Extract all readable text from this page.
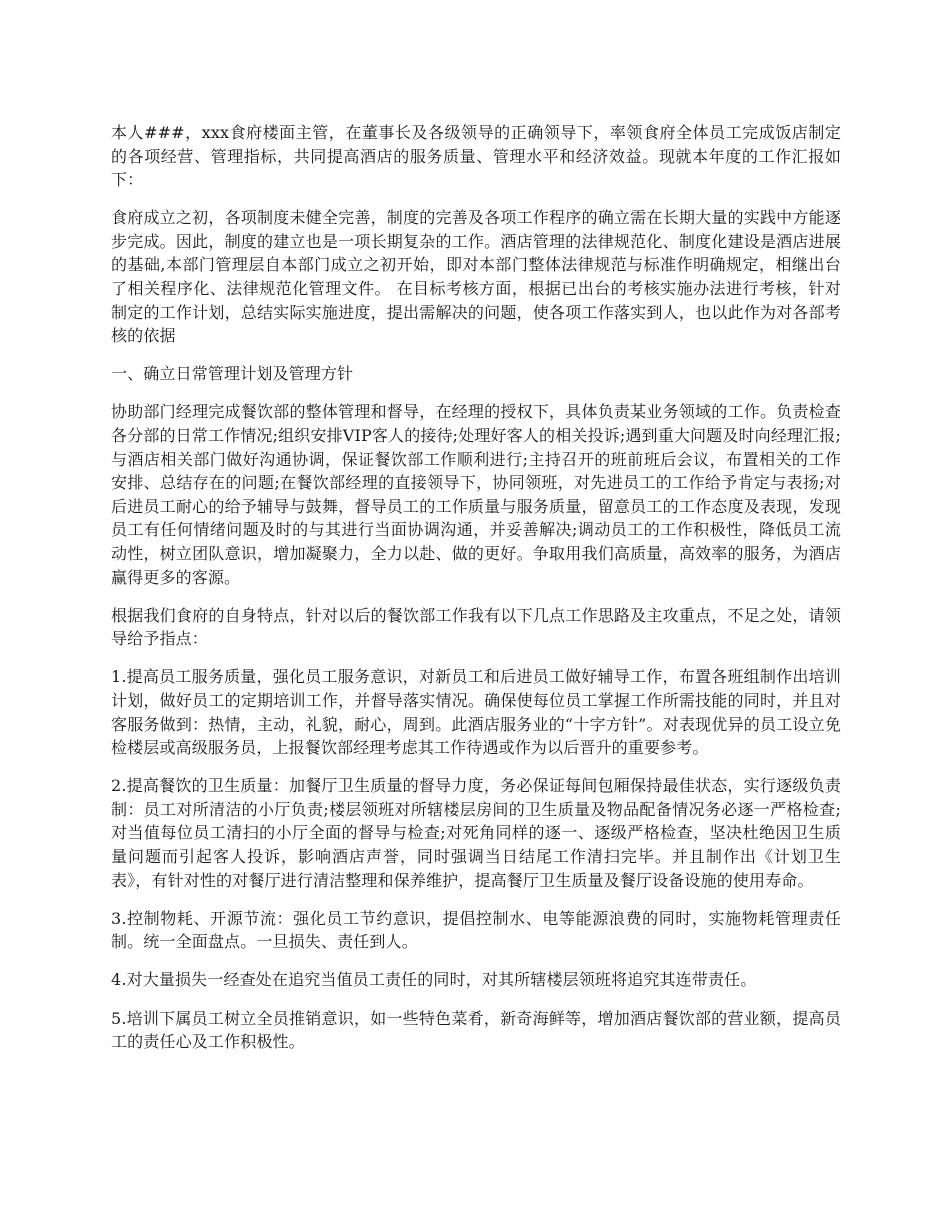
本人###，xxx食府楼面主管，在董事长及各级领导的正确领导下，率领食府全体员工完成饭店制定的各项经营、管理指标，共同提高酒店的服务质量、管理水平和经济效益。现就本年度的工作汇报如下：

食府成立之初，各项制度未健全完善，制度的完善及各项工作程序的确立需在长期大量的实践中方能逐步完成。因此，制度的建立也是一项长期复杂的工作。酒店管理的法律规范化、制度化建设是酒店进展的基础,本部门管理层自本部门成立之初开始，即对本部门整体法律规范与标准作明确规定，相继出台了相关程序化、法律规范化管理文件。 在目标考核方面，根据已出台的考核实施办法进行考核，针对制定的工作计划，总结实际实施进度，提出需解决的问题，使各项工作落实到人，也以此作为对各部考核的依据

一、确立日常管理计划及管理方针

协助部门经理完成餐饮部的整体管理和督导，在经理的授权下，具体负责某业务领域的工作。负责检查各分部的日常工作情况;组织安排VIP客人的接待;处理好客人的相关投诉;遇到重大问题及时向经理汇报;与酒店相关部门做好沟通协调，保证餐饮部工作顺利进行;主持召开的班前班后会议，布置相关的工作安排、总结存在的问题;在餐饮部经理的直接领导下，协同领班，对先进员工的工作给予肯定与表扬;对后进员工耐心的给予辅导与鼓舞，督导员工的工作质量与服务质量，留意员工的工作态度及表现，发现员工有任何情绪问题及时的与其进行当面协调沟通，并妥善解决;调动员工的工作积极性，降低员工流动性，树立团队意识，增加凝聚力，全力以赴、做的更好。争取用我们高质量，高效率的服务，为酒店赢得更多的客源。

根据我们食府的自身特点，针对以后的餐饮部工作我有以下几点工作思路及主攻重点，不足之处，请领导给予指点：

1.提高员工服务质量，强化员工服务意识，对新员工和后进员工做好辅导工作，布置各班组制作出培训计划，做好员工的定期培训工作，并督导落实情况。确保使每位员工掌握工作所需技能的同时，并且对客服务做到：热情，主动，礼貌，耐心，周到。此酒店服务业的“十字方针”。对表现优异的员工设立免检楼层或高级服务员，上报餐饮部经理考虑其工作待遇或作为以后晋升的重要参考。

2.提高餐饮的卫生质量：加餐厅卫生质量的督导力度，务必保证每间包厢保持最佳状态，实行逐级负责制：员工对所清洁的小厅负责;楼层领班对所辖楼层房间的卫生质量及物品配备情况务必逐一严格检查;对当值每位员工清扫的小厅全面的督导与检查;对死角同样的逐一、逐级严格检查，坚决杜绝因卫生质量问题而引起客人投诉，影响酒店声誉，同时强调当日结尾工作清扫完毕。并且制作出《计划卫生表》，有针对性的对餐厅进行清洁整理和保养维护，提高餐厅卫生质量及餐厅设备设施的使用寿命。

3.控制物耗、开源节流：强化员工节约意识，提倡控制水、电等能源浪费的同时，实施物耗管理责任制。统一全面盘点。一旦损失、责任到人。

4.对大量损失一经查处在追究当值员工责任的同时，对其所辖楼层领班将追究其连带责任。

5.培训下属员工树立全员推销意识，如一些特色菜肴，新奇海鲜等，增加酒店餐饮部的营业额，提高员工的责任心及工作积极性。
